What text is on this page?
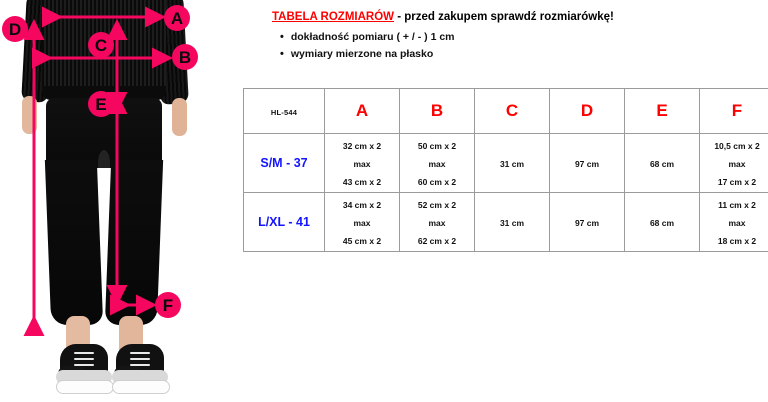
A
B
C
D
E
F
TABELA ROZMIARÓW - przed zakupem sprawdź rozmiarówkę!
• dokładność pomiaru ( + / - ) 1 cm
• wymiary mierzone na płasko
HL-544	A	B	C	D	E	F
S/M - 37	32 cm x 2
max
43 cm x 2	50 cm x 2
max
60 cm x 2	31 cm	97 cm	68 cm	10,5 cm x 2
max
17 cm x 2
L/XL - 41	34 cm x 2
max
45 cm x 2	52 cm x 2
max
62 cm x 2	31 cm	97 cm	68 cm	11 cm x 2
max
18 cm x 2
